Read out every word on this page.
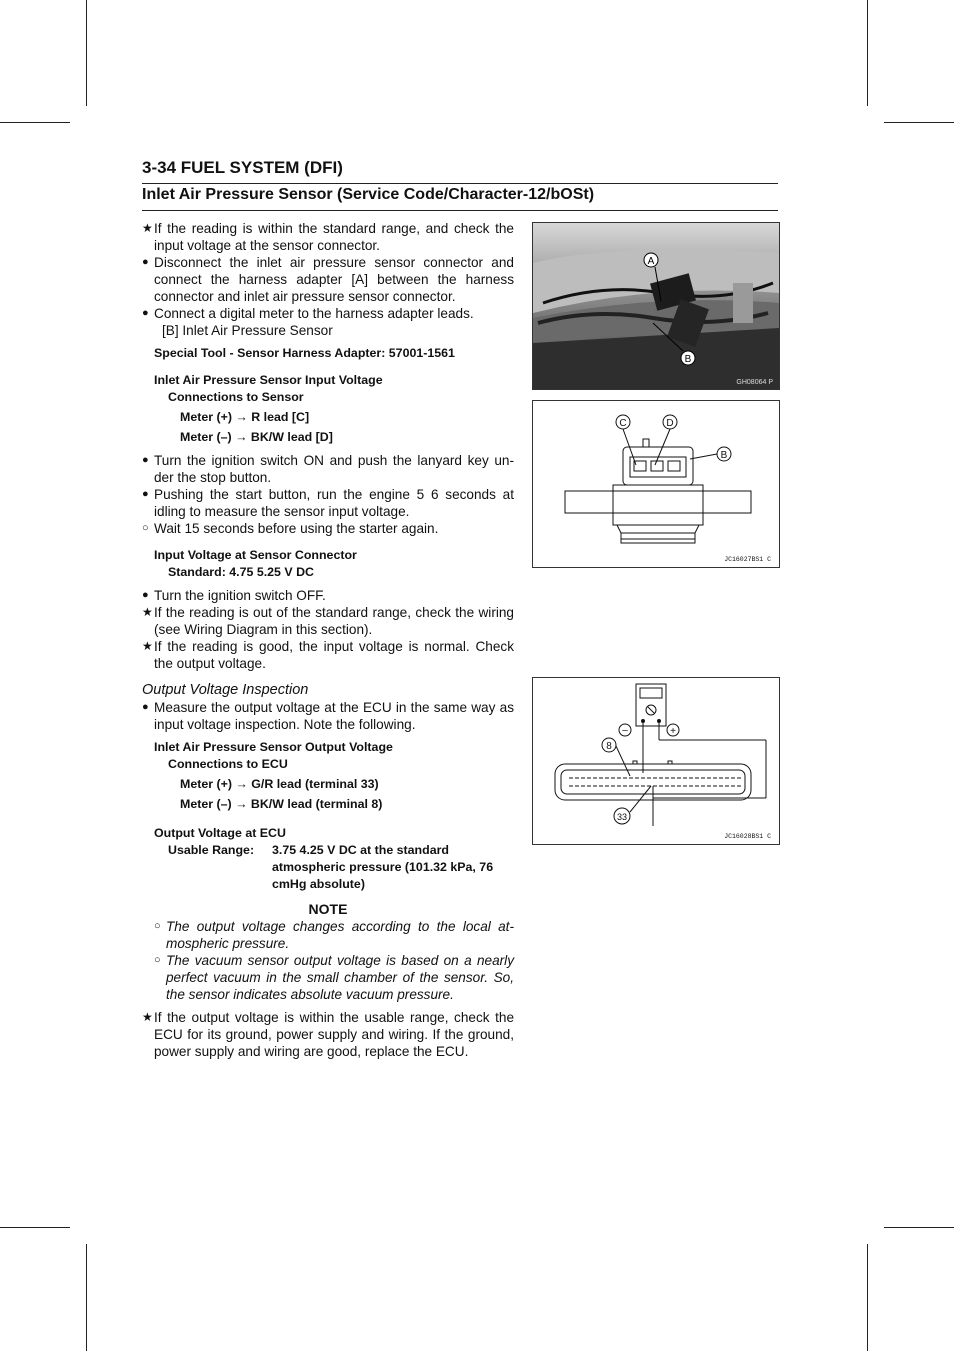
3-34 FUEL SYSTEM (DFI)
Inlet Air Pressure Sensor (Service Code/Character-12/bOSt)
★ If the reading is within the standard range, and check the input voltage at the sensor connector.
● Disconnect the inlet air pressure sensor connector and connect the harness adapter [A] between the harness connector and inlet air pressure sensor connector.
● Connect a digital meter to the harness adapter leads.
[B] Inlet Air Pressure Sensor
Special Tool - Sensor Harness Adapter: 57001-1561
Inlet Air Pressure Sensor Input Voltage
Connections to Sensor
Meter (+) → R lead [C]
Meter (–) → BK/W lead [D]
● Turn the ignition switch ON and push the lanyard key un-der the stop button.
● Pushing the start button, run the engine 5 6 seconds at idling to measure the sensor input voltage.
○ Wait 15 seconds before using the starter again.
Input Voltage at Sensor Connector
Standard: 4.75 5.25 V DC
● Turn the ignition switch OFF.
★ If the reading is out of the standard range, check the wiring (see Wiring Diagram in this section).
★ If the reading is good, the input voltage is normal. Check the output voltage.
Output Voltage Inspection
● Measure the output voltage at the ECU in the same way as input voltage inspection. Note the following.
Inlet Air Pressure Sensor Output Voltage
Connections to ECU
Meter (+) → G/R lead (terminal 33)
Meter (–) → BK/W lead (terminal 8)
Output Voltage at ECU
Usable Range:	3.75 4.25 V DC at the standard atmospheric pressure (101.32 kPa, 76 cmHg absolute)
NOTE
○ The output voltage changes according to the local at-mospheric pressure.
○ The vacuum sensor output voltage is based on a nearly perfect vacuum in the small chamber of the sensor. So, the sensor indicates absolute vacuum pressure.
★ If the output voltage is within the usable range, check the ECU for its ground, power supply and wiring. If the ground, power supply and wiring are good, replace the ECU.
A
B
GH08064 P
C	D
B
JC16027BS1 C
–	+
8
33
JC16028BS1 C
